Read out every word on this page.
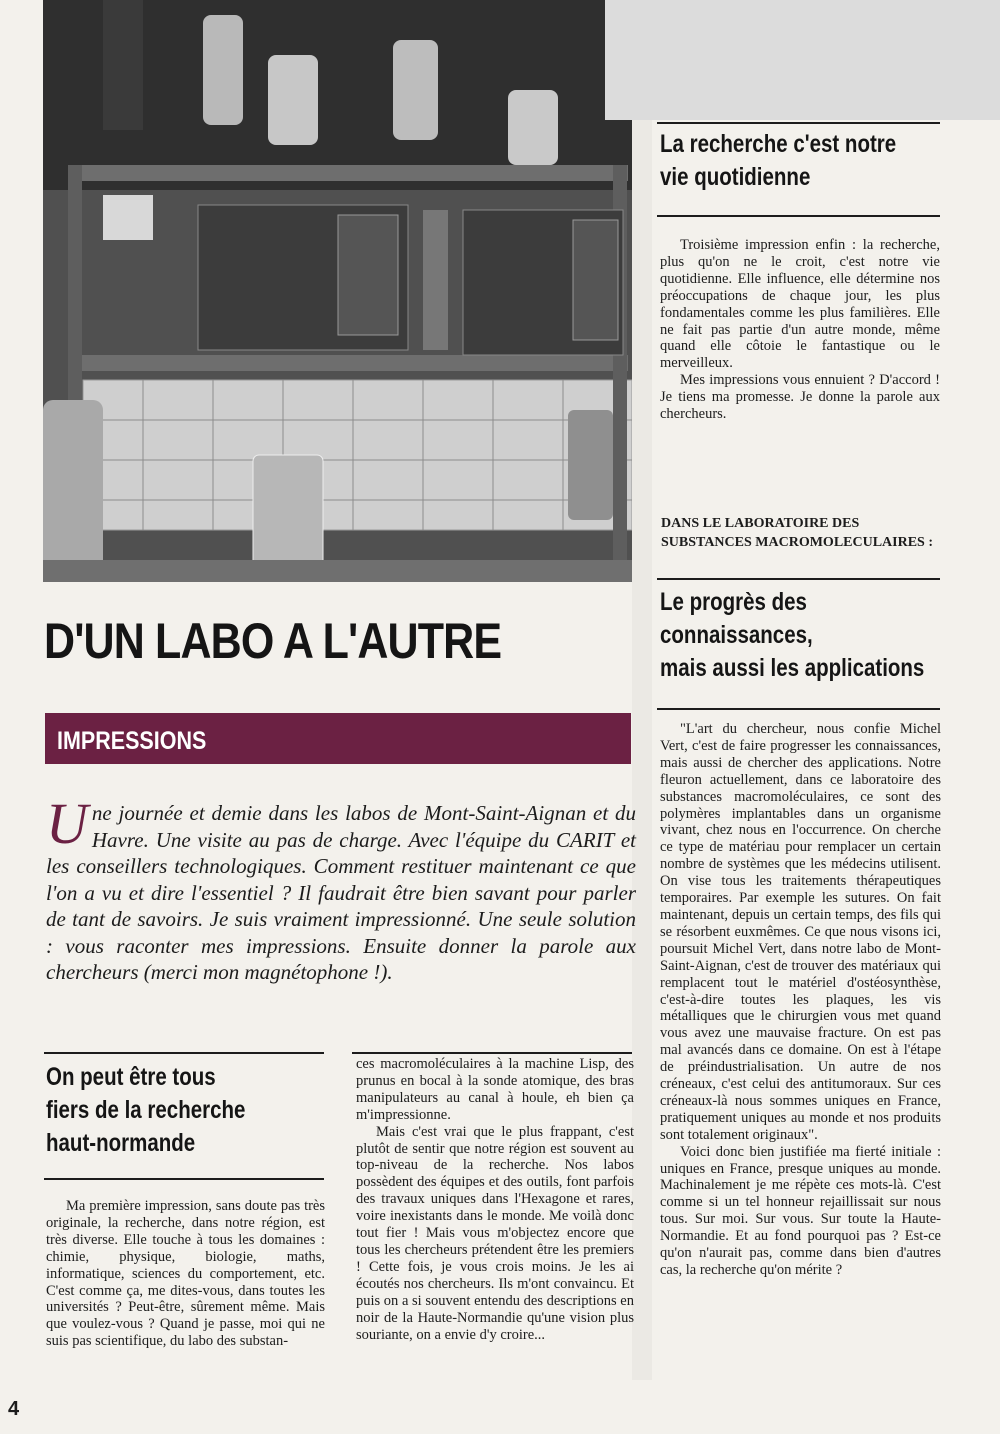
D'UN LABO A L'AUTRE
IMPRESSIONS
Une journée et demie dans les labos de Mont-Saint-Aignan et du Havre. Une visite au pas de charge. Avec l'équipe du CARIT et les conseillers technologiques. Comment restituer maintenant ce que l'on a vu et dire l'essentiel ? Il faudrait être bien savant pour parler de tant de savoirs. Je suis vraiment impressionné. Une seule solution : vous raconter mes impressions. Ensuite donner la parole aux chercheurs (merci mon magnétophone !).
On peut être tous
fiers de la recherche
haut-normande

Ma première impression, sans doute pas très originale, la recherche, dans notre région, est très diverse. Elle touche à tous les domaines : chimie, physique, biologie, maths, informatique, sciences du comportement, etc. C'est comme ça, me dites-vous, dans toutes les universités ? Peut-être, sûrement même. Mais que voulez-vous ? Quand je passe, moi qui ne suis pas scientifique, du labo des substan-

ces macromoléculaires à la machine Lisp, des prunus en bocal à la sonde atomique, des bras manipulateurs au canal à houle, eh bien ça m'impressionne.

Mais c'est vrai que le plus frappant, c'est plutôt de sentir que notre région est souvent au top-niveau de la recherche. Nos labos possèdent des équipes et des outils, font parfois des travaux uniques dans l'Hexagone et rares, voire inexistants dans le monde. Me voilà donc tout fier ! Mais vous m'objectez encore que tous les chercheurs prétendent être les premiers ! Cette fois, je vous crois moins. Je les ai écoutés nos chercheurs. Ils m'ont convaincu. Et puis on a si souvent entendu des descriptions en noir de la Haute-Normandie qu'une vision plus souriante, on a envie d'y croire...

La recherche c'est notre
vie quotidienne

Troisième impression enfin : la recherche, plus qu'on ne le croit, c'est notre vie quotidienne. Elle influence, elle détermine nos préoccupations de chaque jour, les plus fondamentales comme les plus familières. Elle ne fait pas partie d'un autre monde, même quand elle côtoie le fantastique ou le merveilleux.

Mes impressions vous ennuient ? D'accord ! Je tiens ma promesse. Je donne la parole aux chercheurs.

DANS LE LABORATOIRE DES SUBSTANCES MACROMOLECULAIRES :
Le progrès des
connaissances,
mais aussi les applications

"L'art du chercheur, nous confie Michel Vert, c'est de faire progresser les connaissances, mais aussi de chercher des applications. Notre fleuron actuellement, dans ce laboratoire des substances macromoléculaires, ce sont des polymères implantables dans un organisme vivant, chez nous en l'occurrence. On cherche ce type de matériau pour remplacer un certain nombre de systèmes que les médecins utilisent. On vise tous les traitements thérapeutiques temporaires. Par exemple les sutures. On fait maintenant, depuis un certain temps, des fils qui se résorbent euxmêmes. Ce que nous visons ici, poursuit Michel Vert, dans notre labo de Mont-Saint-Aignan, c'est de trouver des matériaux qui remplacent tout le matériel d'ostéosynthèse, c'est-à-dire toutes les plaques, les vis métalliques que le chirurgien vous met quand vous avez une mauvaise fracture. On est pas mal avancés dans ce domaine. On est à l'étape de préindustrialisation. Un autre de nos créneaux, c'est celui des antitumoraux. Sur ces créneaux-là nous sommes uniques en France, pratiquement uniques au monde et nos produits sont totalement originaux".

Voici donc bien justifiée ma fierté initiale : uniques en France, presque uniques au monde. Machinalement je me répète ces mots-là. C'est comme si un tel honneur rejaillissait sur nous tous. Sur moi. Sur vous. Sur toute la Haute-Normandie. Et au fond pourquoi pas ? Est-ce qu'on n'aurait pas, comme dans bien d'autres cas, la recherche qu'on mérite ?

4
